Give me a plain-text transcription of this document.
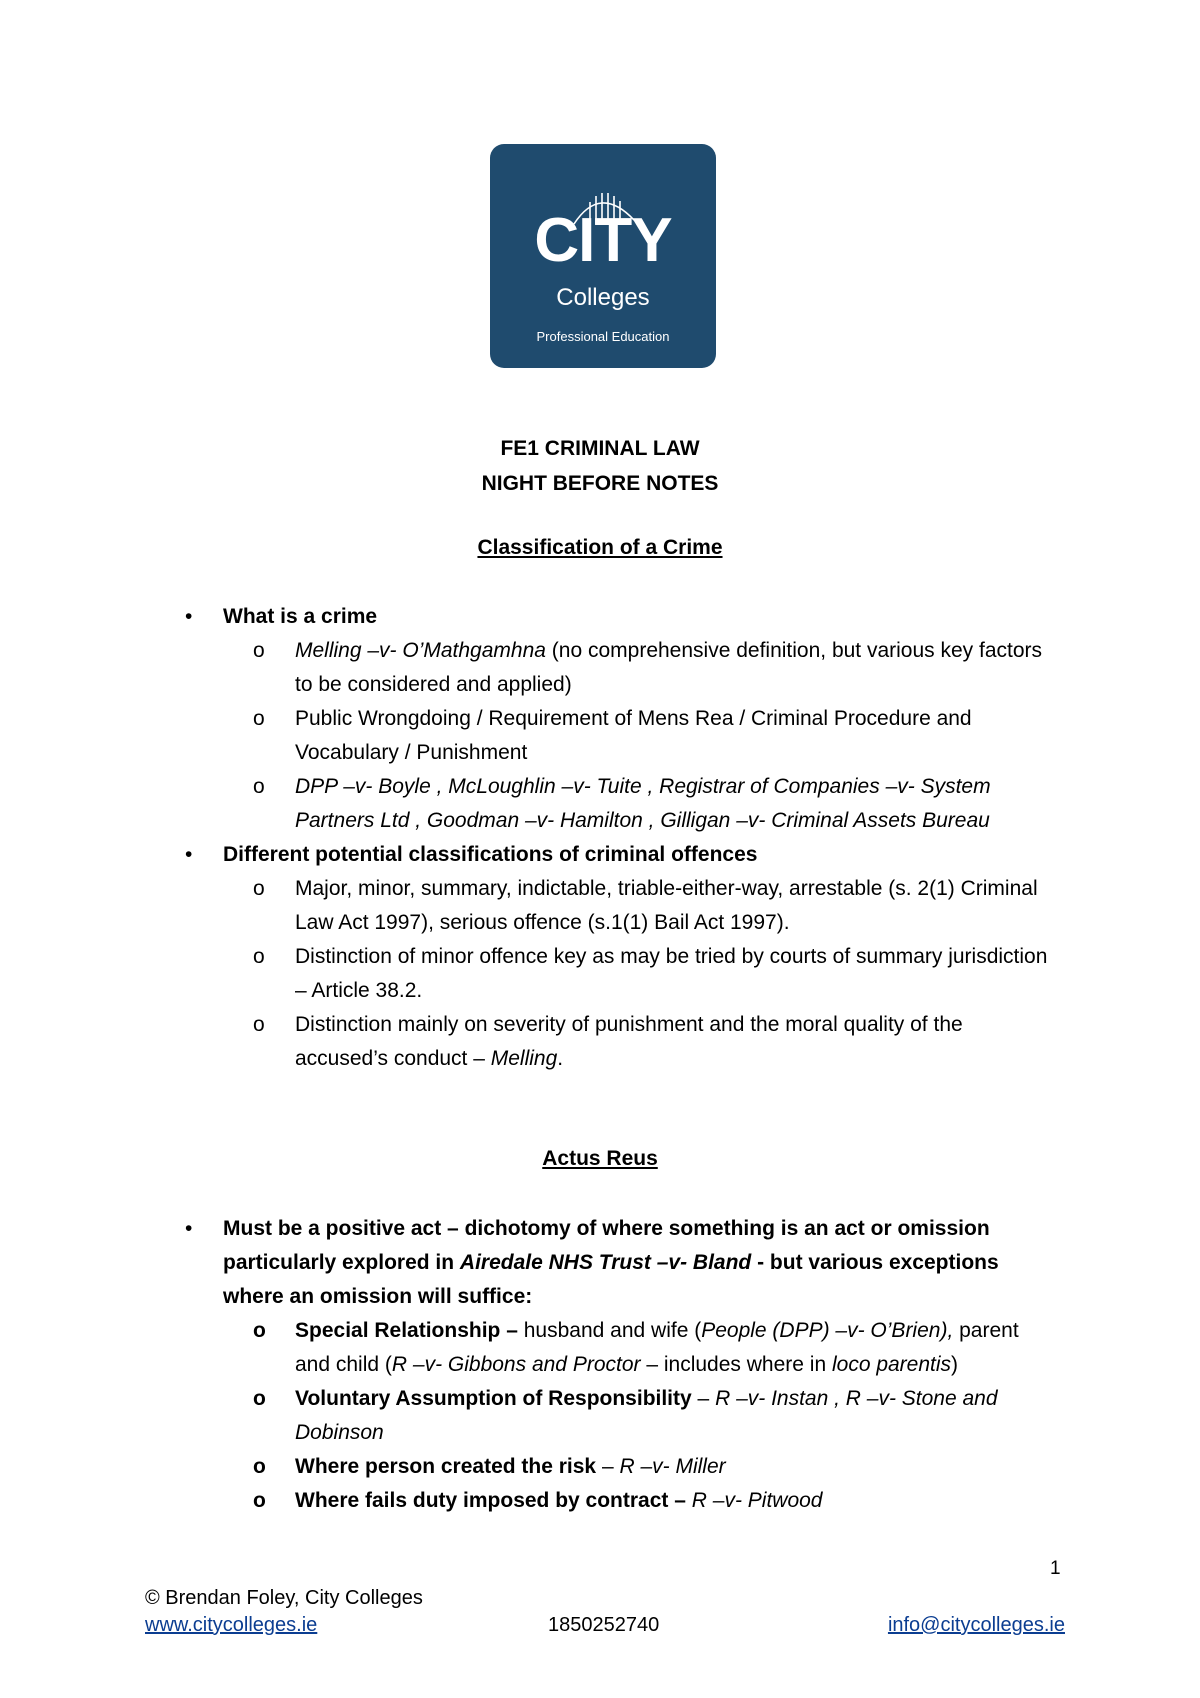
CITY
Colleges
Professional Education
FE1 CRIMINAL LAW
NIGHT BEFORE NOTES
Classification of a Crime
• What is a crime
o Melling –v- O’Mathgamhna (no comprehensive definition, but various key factors to be considered and applied)
o Public Wrongdoing / Requirement of Mens Rea / Criminal Procedure and Vocabulary / Punishment
o DPP –v- Boyle , McLoughlin –v- Tuite , Registrar of Companies –v- System Partners Ltd , Goodman –v- Hamilton , Gilligan –v- Criminal Assets Bureau
• Different potential classifications of criminal offences
o Major, minor, summary, indictable, triable-either-way, arrestable (s. 2(1) Criminal Law Act 1997), serious offence (s.1(1) Bail Act 1997).
o Distinction of minor offence key as may be tried by courts of summary jurisdiction – Article 38.2.
o Distinction mainly on severity of punishment and the moral quality of the accused’s conduct – Melling.
Actus Reus
• Must be a positive act – dichotomy of where something is an act or omission particularly explored in Airedale NHS Trust –v- Bland - but various exceptions where an omission will suffice:
o Special Relationship – husband and wife (People (DPP) –v- O’Brien), parent and child (R –v- Gibbons and Proctor – includes where in loco parentis)
o Voluntary Assumption of Responsibility – R –v- Instan , R –v- Stone and Dobinson
o Where person created the risk – R –v- Miller
o Where fails duty imposed by contract – R –v- Pitwood
1
© Brendan Foley, City Colleges
www.citycolleges.ie	1850252740	info@citycolleges.ie
